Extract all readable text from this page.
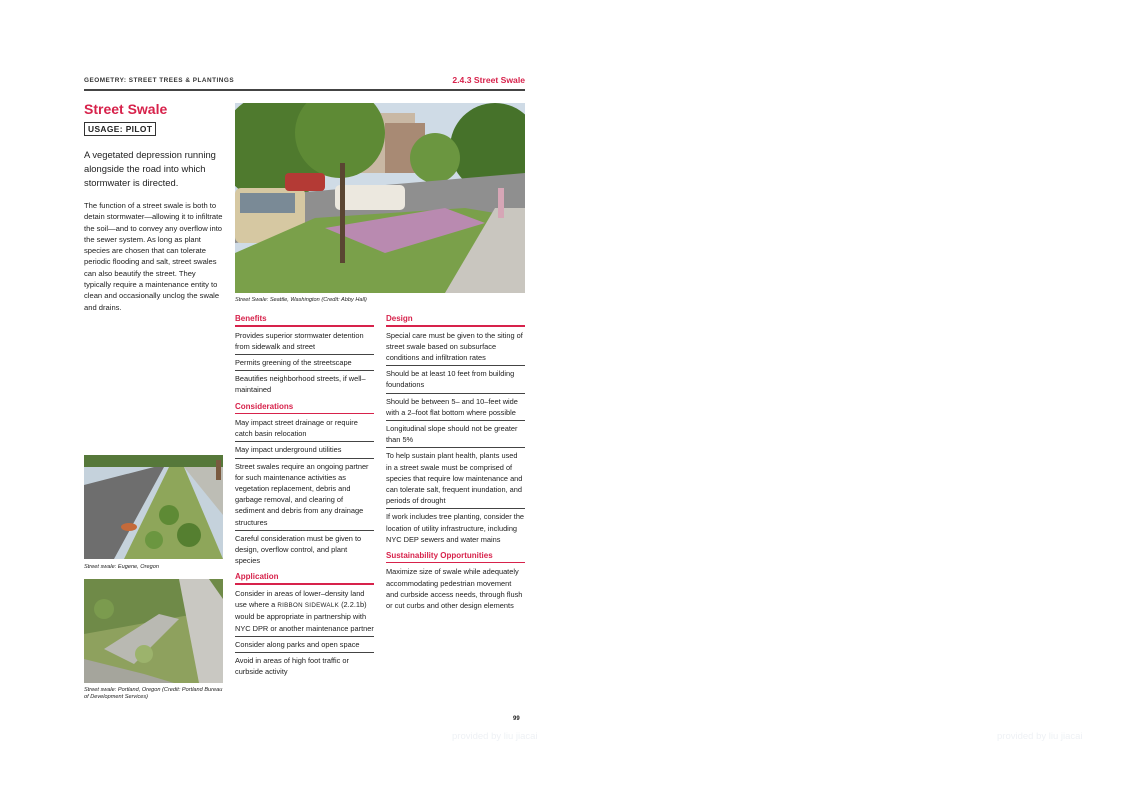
GEOMETRY: STREET TREES & PLANTINGS	2.4.3 Street Swale
Street Swale
USAGE: PILOT
A vegetated depression running alongside the road into which stormwater is directed.
The function of a street swale is both to detain stormwater—allowing it to infiltrate the soil—and to convey any overflow into the sewer system. As long as plant species are chosen that can tolerate periodic flooding and salt, street swales can also beautify the street. They typically require a maintenance entity to clean and occasionally unclog the swale and drains.
Street Swale: Seattle, Washington (Credit: Abby Hall)
Street swale: Eugene, Oregon
Street swale: Portland, Oregon (Credit: Portland Bureau of Development Services)
Benefits
Provides superior stormwater detention from sidewalk and street
Permits greening of the streetscape
Beautifies neighborhood streets, if well–maintained
Considerations
May impact street drainage or require catch basin relocation
May impact underground utilities
Street swales require an ongoing partner for such maintenance activities as vegetation replacement, debris and garbage removal, and clearing of sediment and debris from any drainage structures
Careful consideration must be given to design, overflow control, and plant species
Application
Consider in areas of lower–density land use where a RIBBON SIDEWALK (2.2.1b) would be appropriate in partnership with NYC DPR or another maintenance partner
Consider along parks and open space
Avoid in areas of high foot traffic or curbside activity
Design
Special care must be given to the siting of street swale based on subsurface conditions and infiltration rates
Should be at least 10 feet from building foundations
Should be between 5– and 10–feet wide with a 2–foot flat bottom where possible
Longitudinal slope should not be greater than 5%
To help sustain plant health, plants used in a street swale must be comprised of species that require low maintenance and can tolerate salt, frequent inundation, and periods of drought
If work includes tree planting, consider the location of utility infrastructure, including NYC DEP sewers and water mains
Sustainability Opportunities
Maximize size of swale while adequately accommodating pedestrian movement and curbside access needs, through flush or cut curbs and other design elements
99
provided by liu jiacai	provided by liu jiacai
